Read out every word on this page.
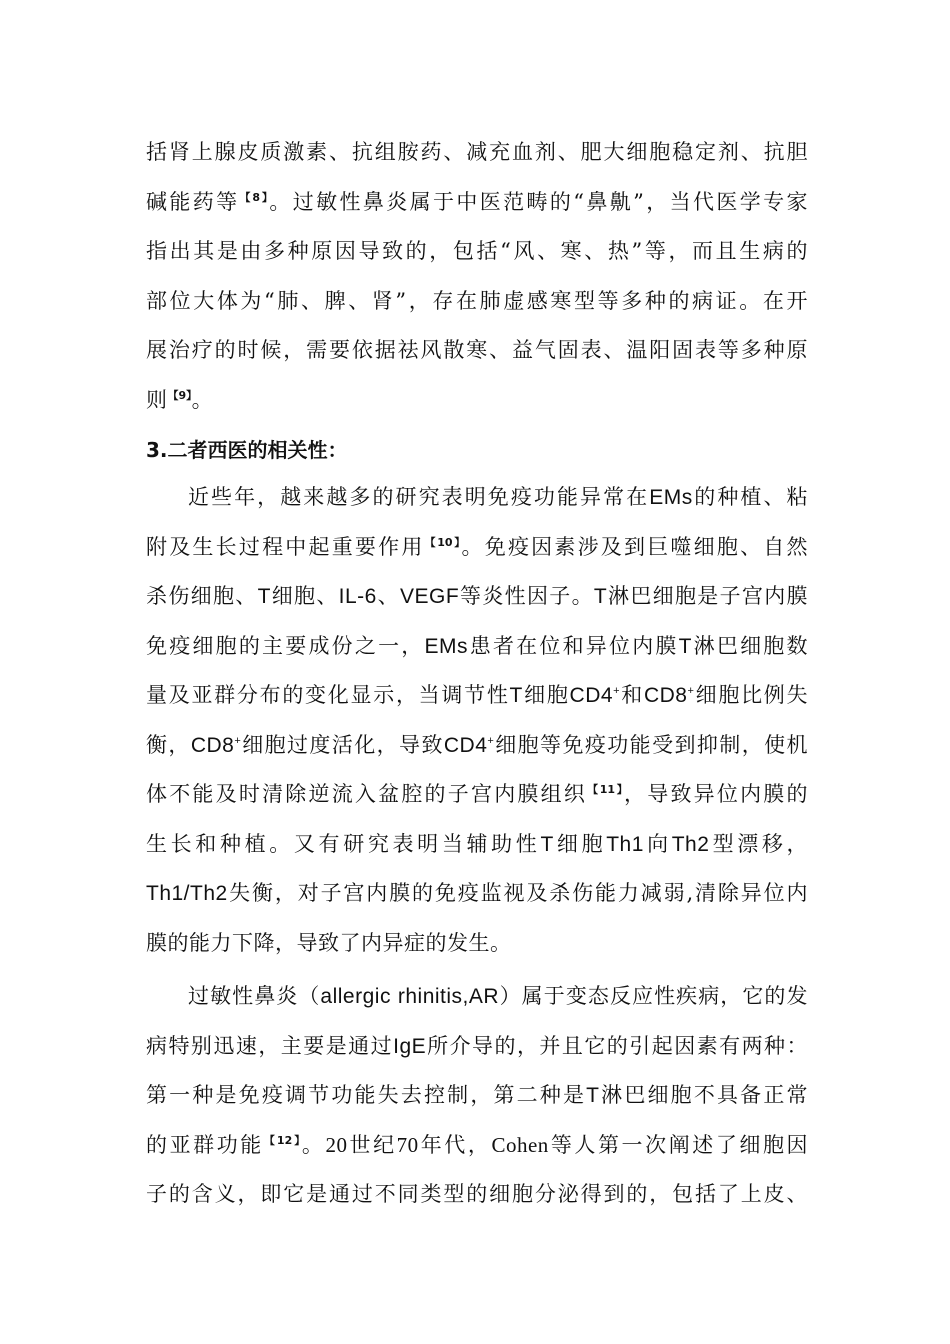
括肾上腺皮质激素、抗组胺药、减充血剂、肥大细胞稳定剂、抗胆
碱能药等$^{【8】}$。过敏性鼻炎属于中医范畴的“鼻鼽”，当代医学专家
指出其是由多种原因导致的，包括“风、寒、热”等，而且生病的
部位大体为“肺、脾、肾”，存在肺虚感寒型等多种的病证。在开
展治疗的时候，需要依据祛风散寒、益气固表、温阳固表等多种原
则$^{【9】}$。
3.二者西医的相关性：
近些年，越来越多的研究表明免疫功能异常在EMs的种植、粘
附及生长过程中起重要作用$^{【10】}$。免疫因素涉及到巨噬细胞、自然
杀伤细胞、T细胞、IL-6、VEGF等炎性因子。T淋巴细胞是子宫内膜
免疫细胞的主要成份之一，EMs患者在位和异位内膜T淋巴细胞数
量及亚群分布的变化显示，当调节性T细胞CD4+和CD8+细胞比例失
衡，CD8+细胞过度活化，导致CD4+细胞等免疫功能受到抑制，使机
体不能及时清除逆流入盆腔的子宫内膜组织$^{【11】}$，导致异位内膜的
生长和种植。又有研究表明当辅助性T细胞Th1向Th2型漂移，
Th1/Th2失衡，对子宫内膜的免疫监视及杀伤能力减弱,清除异位内
膜的能力下降，导致了内异症的发生。
过敏性鼻炎（allergic rhinitis,AR）属于变态反应性疾病，它的发
病特别迅速，主要是通过IgE所介导的，并且它的引起因素有两种：
第一种是免疫调节功能失去控制，第二种是T淋巴细胞不具备正常
的亚群功能$^{【12】}$。20世纪70年代，Cohen等人第一次阐述了细胞因
子的含义，即它是通过不同类型的细胞分泌得到的，包括了上皮、
